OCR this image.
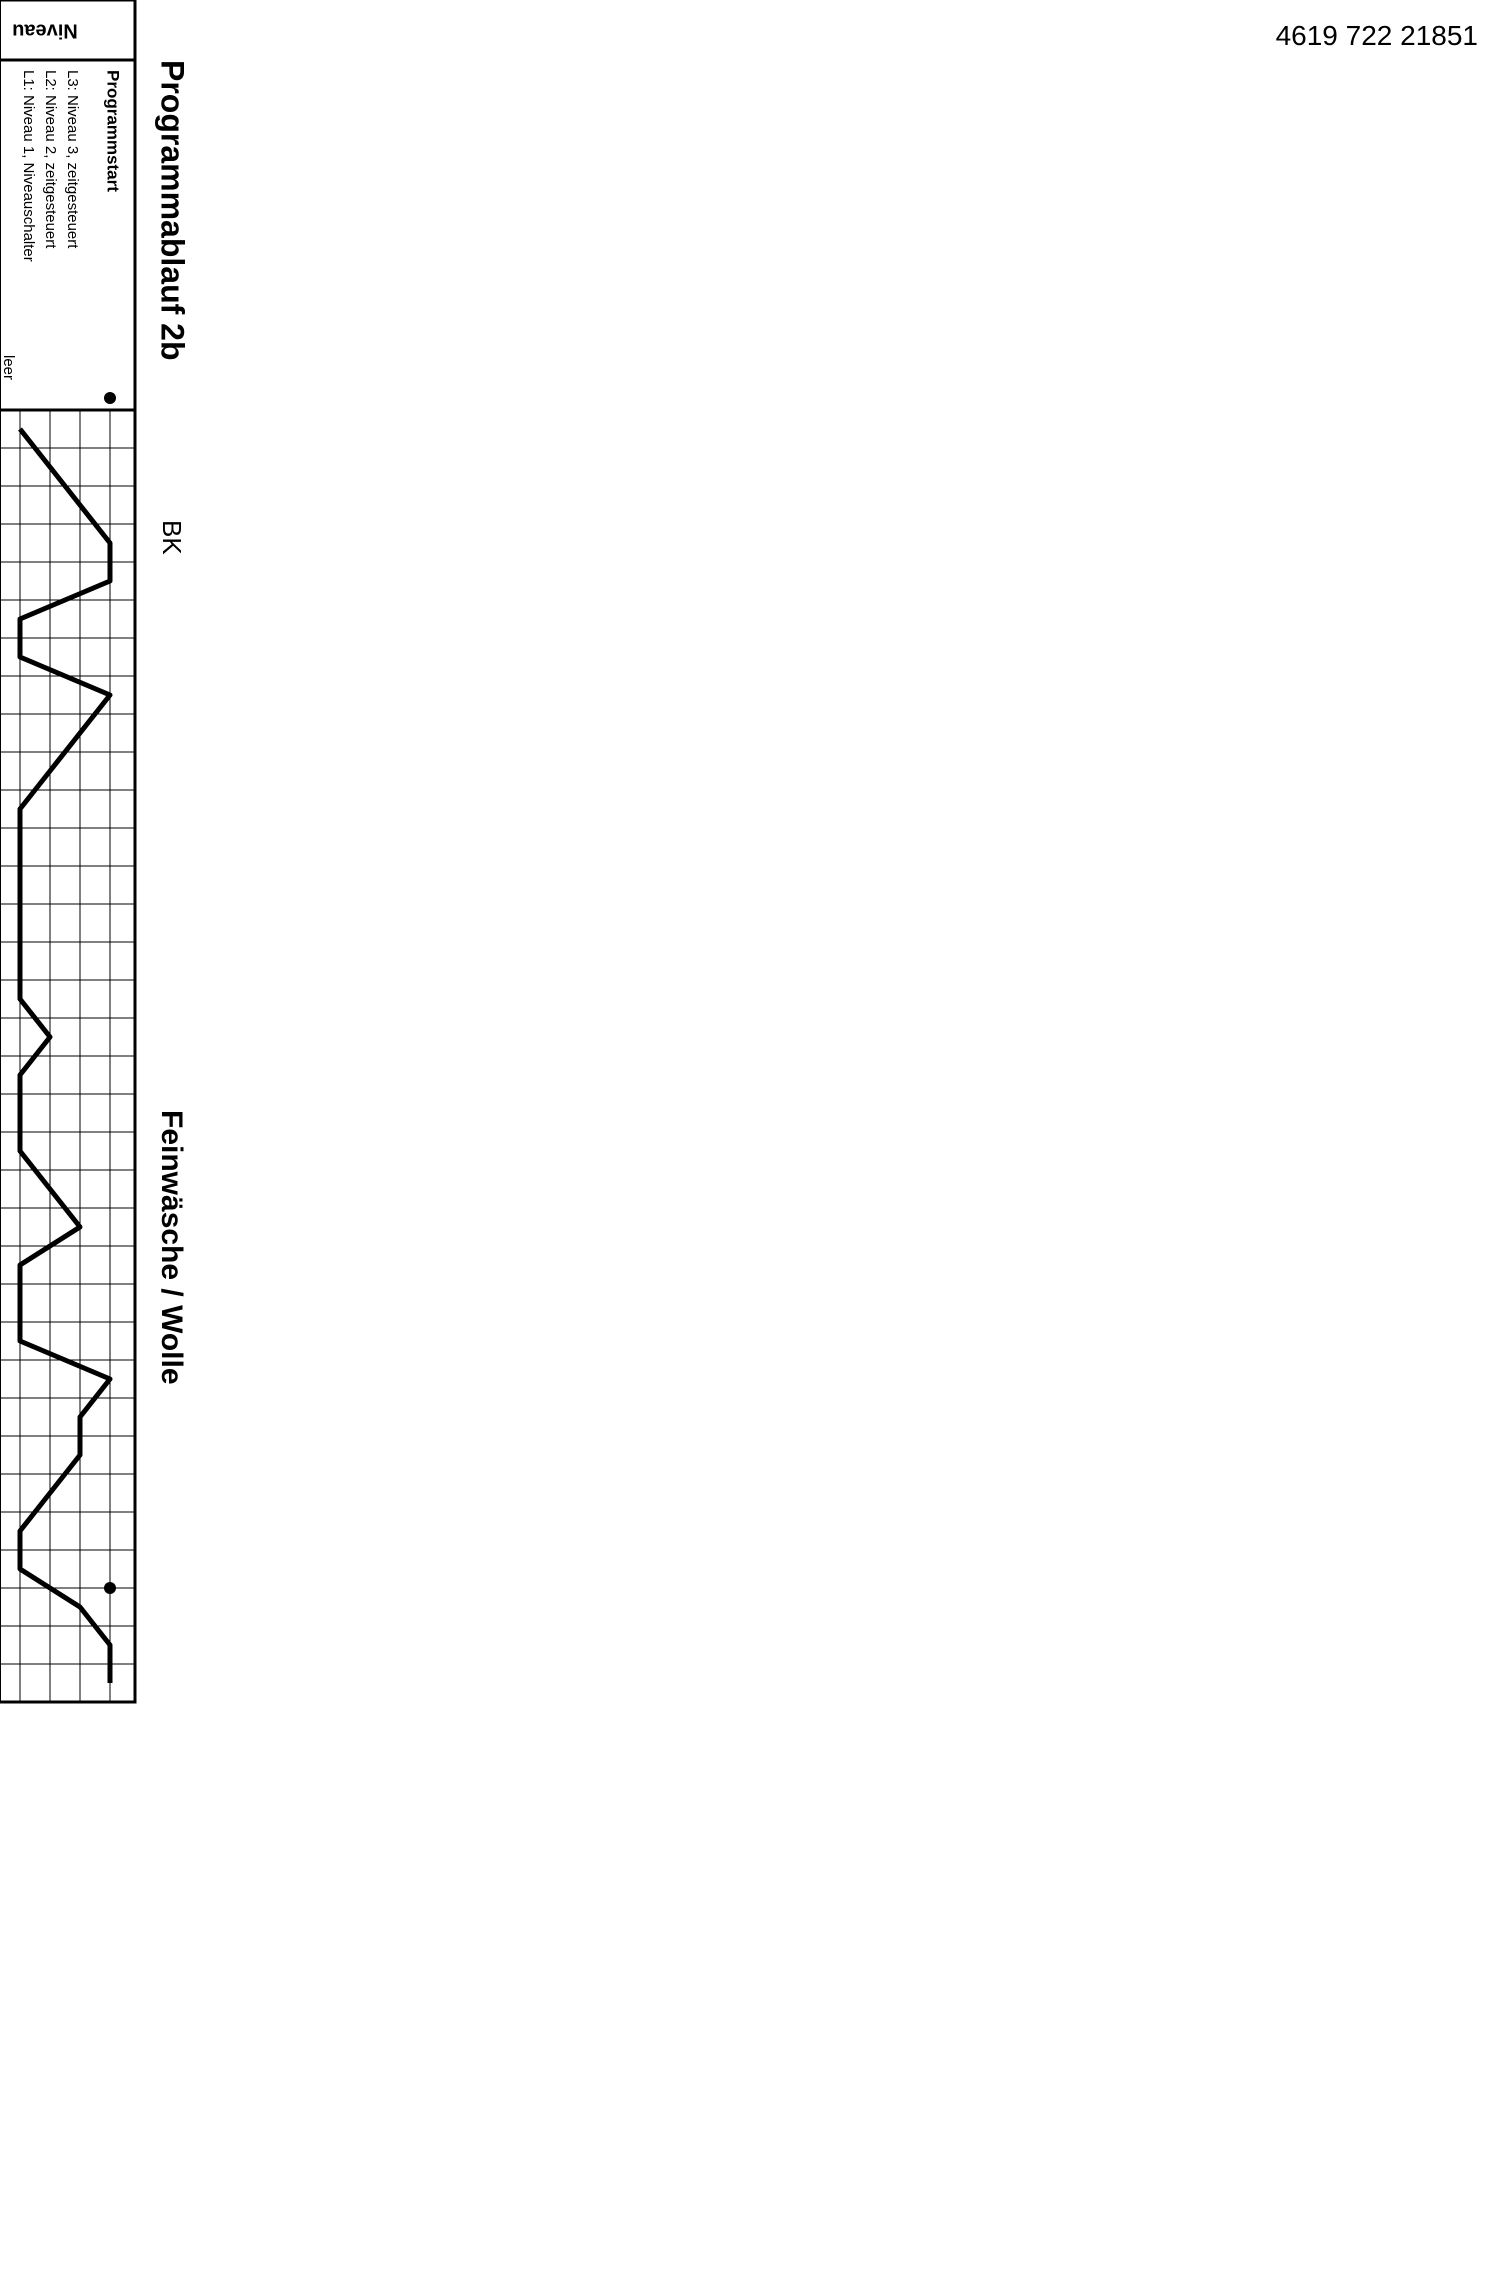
Programmablauf 2b
BK
Feinwäsche / Wolle
Niveau
Programmstart
L3: Niveau 3, zeitgesteuert
L2: Niveau 2, zeitgesteuert
L1: Niveau 1, Niveauschalter
leer
4619 722 21851
